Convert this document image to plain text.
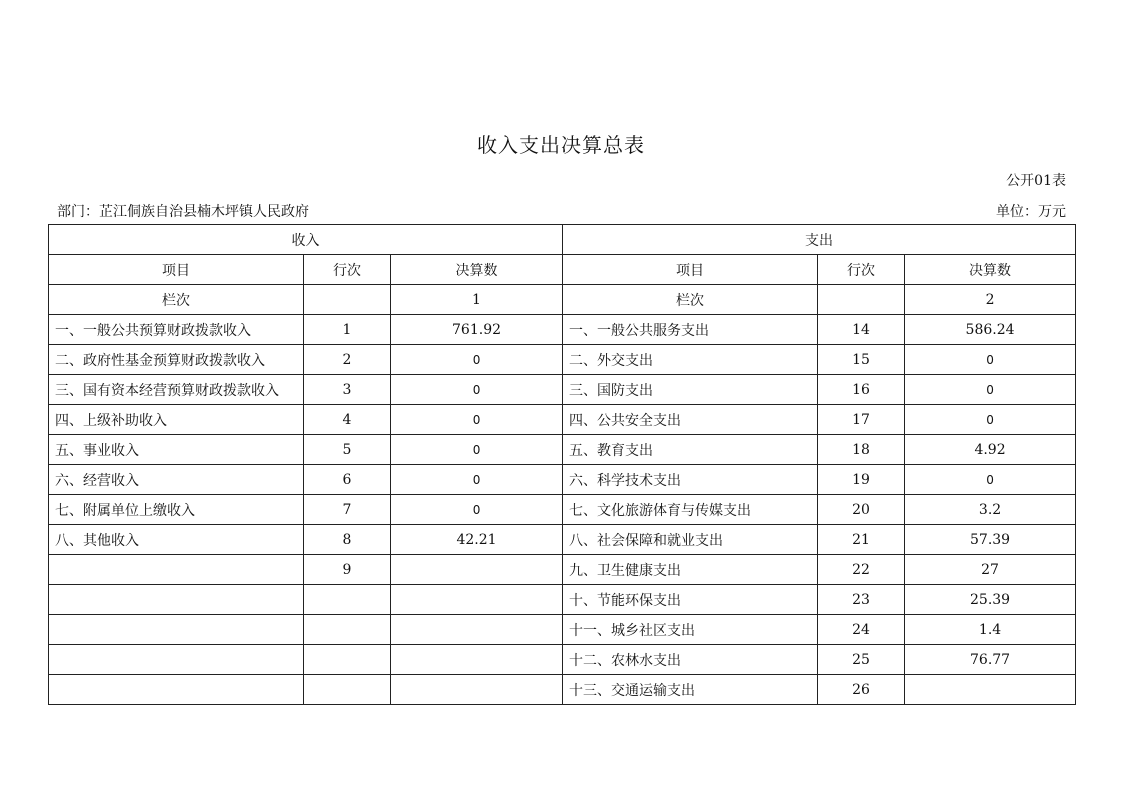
收入支出决算总表
公开01表
部门：芷江侗族自治县楠木坪镇人民政府	单位：万元
收入			支出		
项目	行次	决算数	项目	行次	决算数
栏次		1	栏次		2
一、一般公共预算财政拨款收入	1	761.92	一、一般公共服务支出	14	586.24
二、政府性基金预算财政拨款收入	2	0	二、外交支出	15	0
三、国有资本经营预算财政拨款收入	3	0	三、国防支出	16	0
四、上级补助收入	4	0	四、公共安全支出	17	0
五、事业收入	5	0	五、教育支出	18	4.92
六、经营收入	6	0	六、科学技术支出	19	0
七、附属单位上缴收入	7	0	七、文化旅游体育与传媒支出	20	3.2
八、其他收入	8	42.21	八、社会保障和就业支出	21	57.39
	9		九、卫生健康支出	22	27
			十、节能环保支出	23	25.39
			十一、城乡社区支出	24	1.4
			十二、农林水支出	25	76.77
			十三、交通运输支出	26	
